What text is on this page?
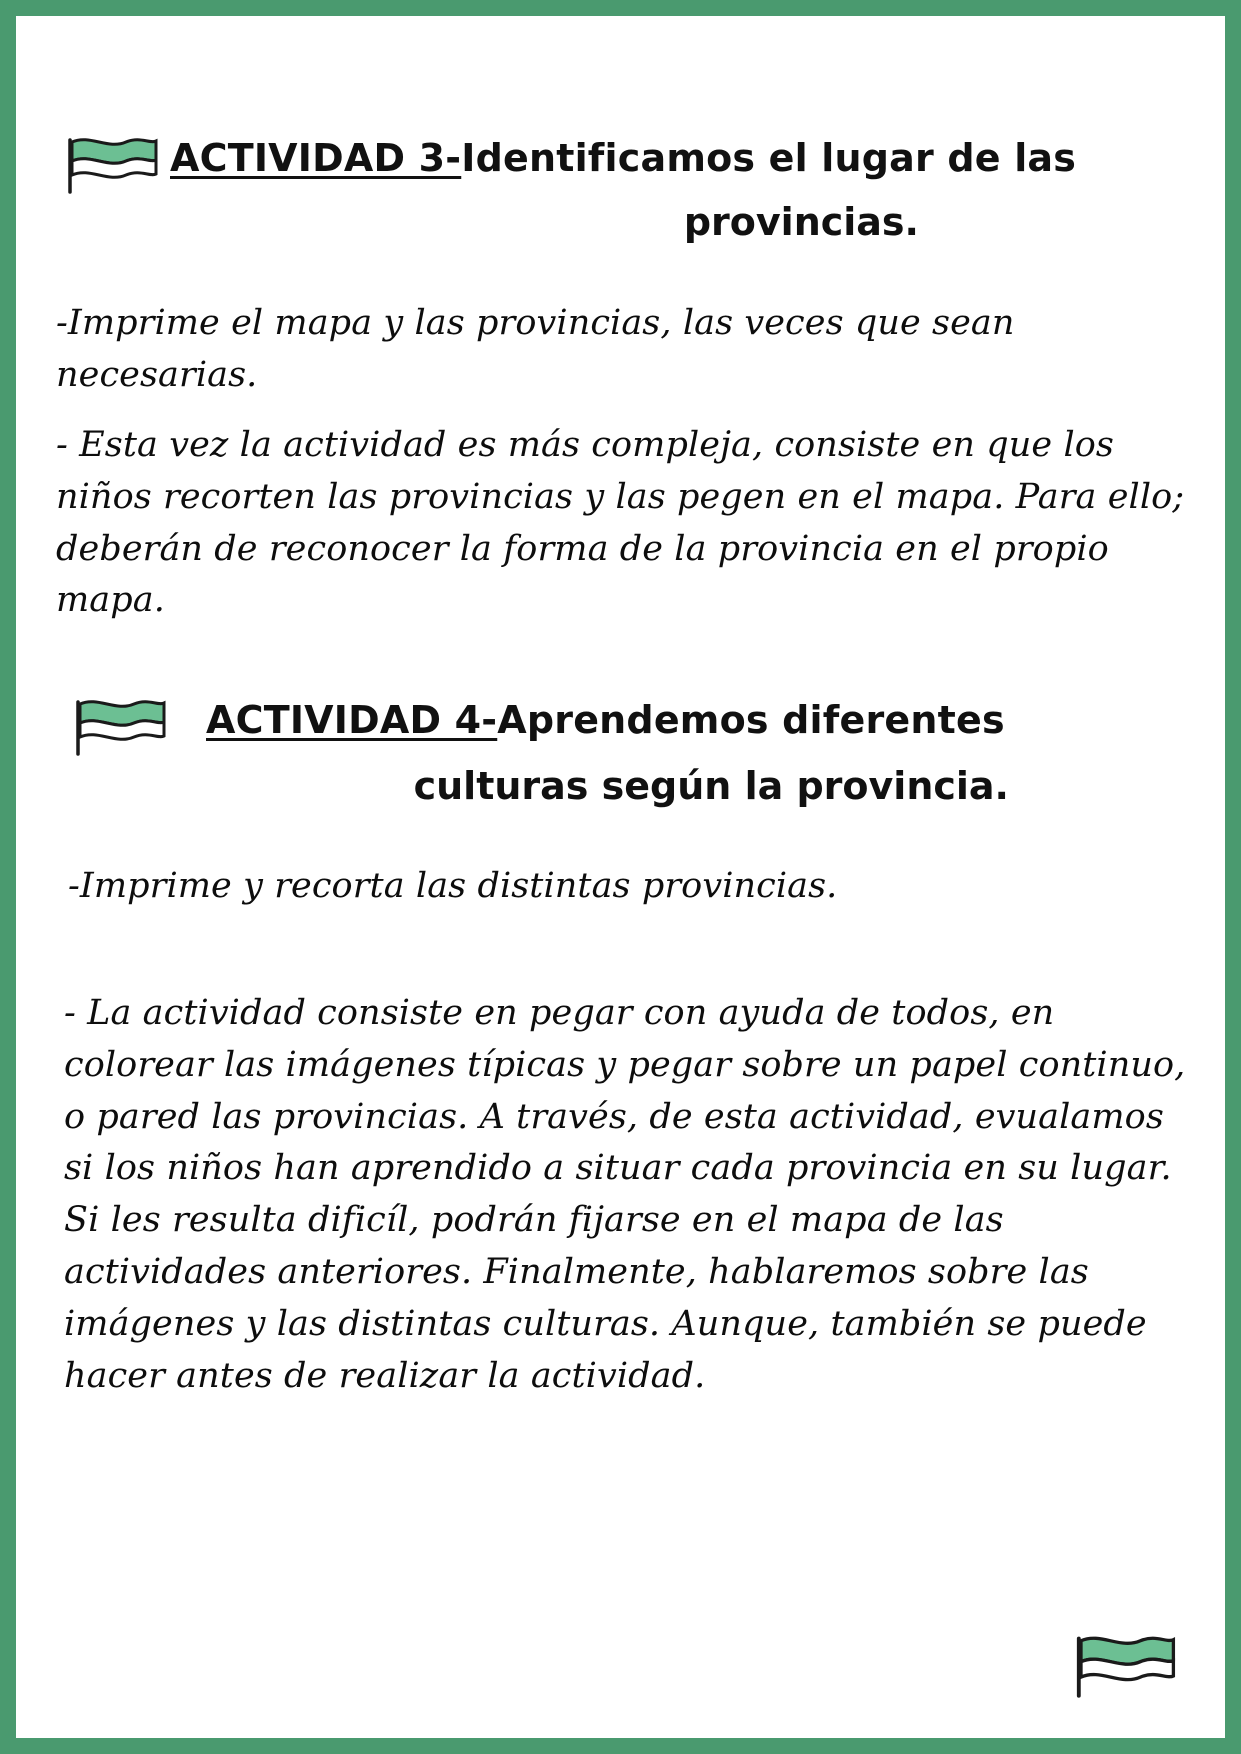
ACTIVIDAD 3-Identificamos el lugar de las
provincias.

-Imprime el mapa y las provincias, las veces que sean necesarias.

- Esta vez la actividad es más compleja, consiste en que los niños recorten las provincias y las pegen en el mapa. Para ello; deberán de reconocer la forma de la provincia en el propio mapa.

ACTIVIDAD 4-Aprendemos diferentes
culturas según la provincia.

-Imprime y recorta las distintas provincias.

- La actividad consiste en pegar con ayuda de todos, en colorear las imágenes típicas y pegar sobre un papel continuo, o pared las provincias. A través, de esta actividad, evualamos si los niños han aprendido a situar cada provincia en su lugar. Si les resulta dificíl, podrán fijarse en el mapa de las actividades anteriores. Finalmente, hablaremos sobre las imágenes y las distintas culturas. Aunque, también se puede hacer antes de realizar la actividad.
